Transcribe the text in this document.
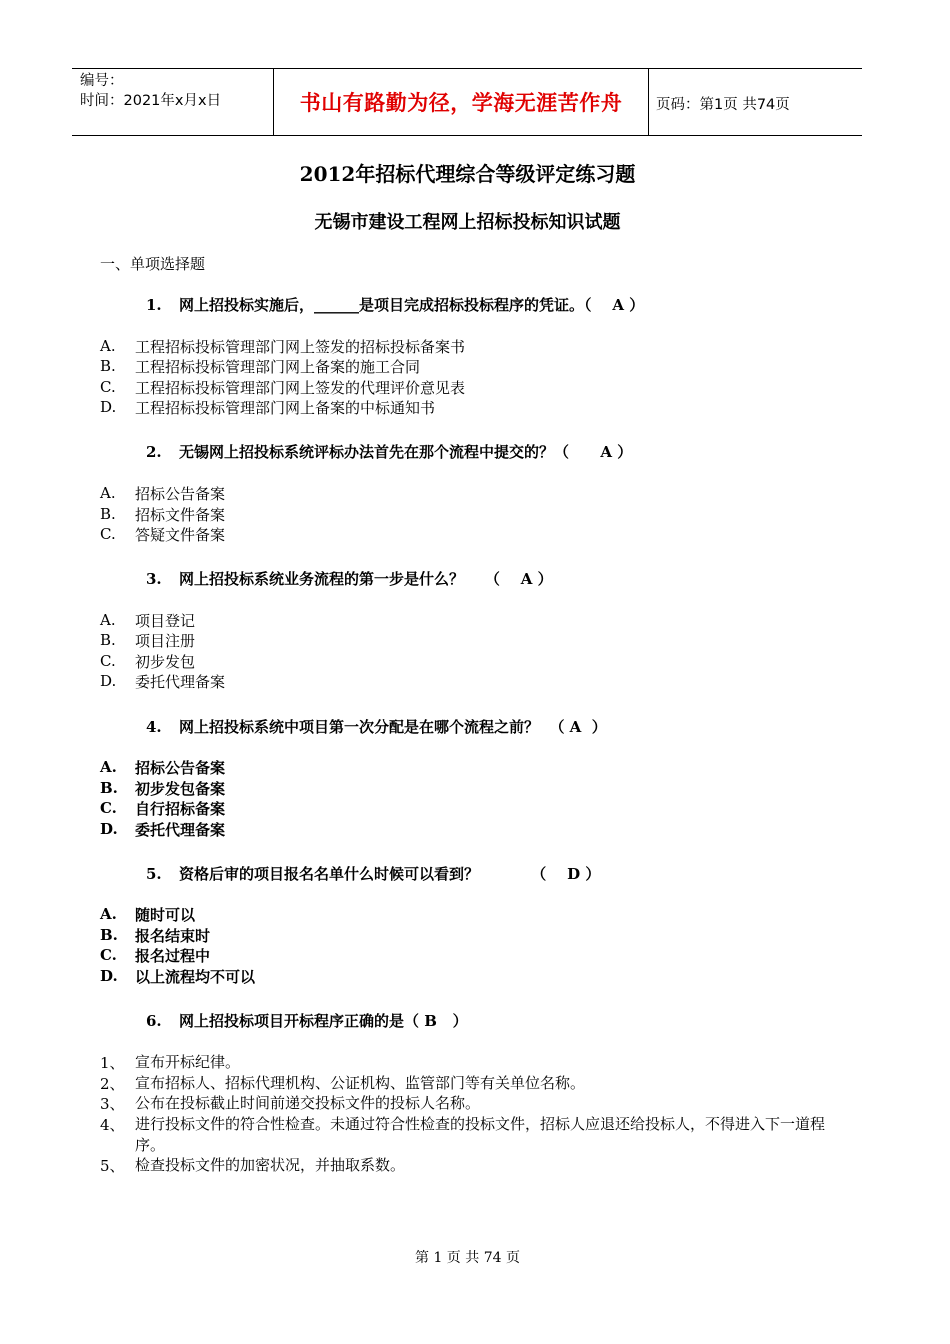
编号：
时间：2021年x月x日	书山有路勤为径，学海无涯苦作舟	页码：第1页 共74页
2012年招标代理综合等级评定练习题
无锡市建设工程网上招标投标知识试题
一、单项选择题
1. 网上招投标实施后，______是项目完成招标投标程序的凭证。（    A ）
A. 工程招标投标管理部门网上签发的招标投标备案书
B. 工程招标投标管理部门网上备案的施工合同
C. 工程招标投标管理部门网上签发的代理评价意见表
D. 工程招标投标管理部门网上备案的中标通知书
2. 无锡网上招投标系统评标办法首先在那个流程中提交的？（      A ）
A. 招标公告备案
B. 招标文件备案
C. 答疑文件备案
3. 网上招投标系统业务流程的第一步是什么？    （    A ）
A. 项目登记
B. 项目注册
C. 初步发包
D. 委托代理备案
4. 网上招投标系统中项目第一次分配是在哪个流程之前？  （ A  ）
A. 招标公告备案
B. 初步发包备案
C. 自行招标备案
D. 委托代理备案
5. 资格后审的项目报名名单什么时候可以看到？          （    D ）
A. 随时可以
B. 报名结束时
C. 报名过程中
D. 以上流程均不可以
6. 网上招投标项目开标程序正确的是（ B   ）
1、 宣布开标纪律。
2、 宣布招标人、招标代理机构、公证机构、监管部门等有关单位名称。
3、 公布在投标截止时间前递交投标文件的投标人名称。
4、 进行投标文件的符合性检查。未通过符合性检查的投标文件，招标人应退还给投标人，不得进入下一道程序。
5、 检查投标文件的加密状况，并抽取系数。
第 1 页 共 74 页
